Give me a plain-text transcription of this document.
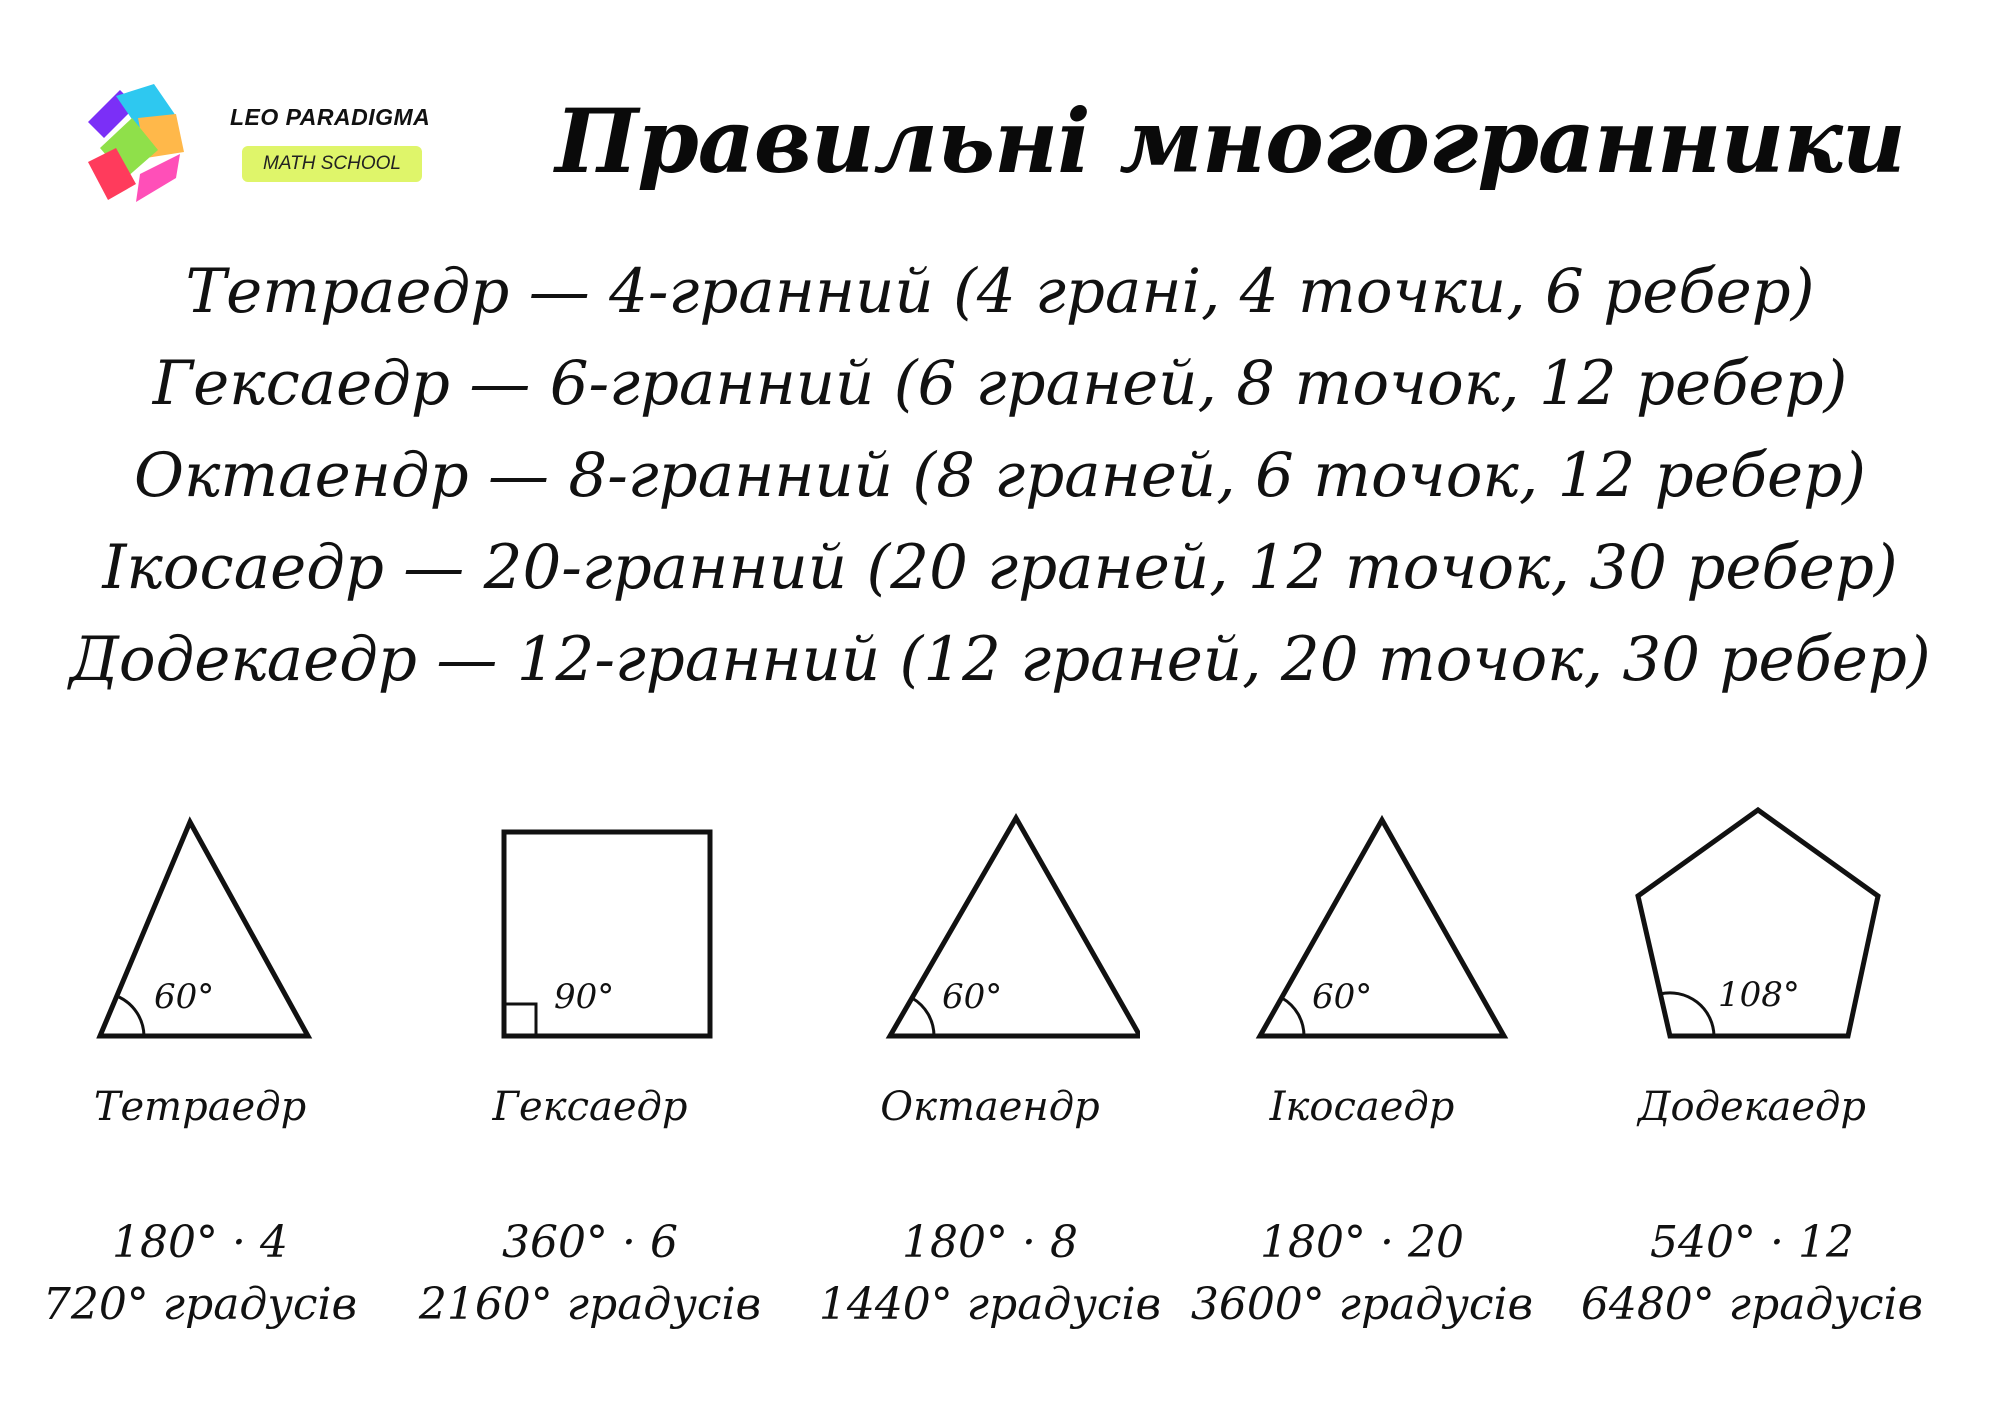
LEO PARADIGMA
MATH SCHOOL Правильні многогранники
Тетраедр — 4-гранний (4 грані, 4 точки, 6 ребер)
Гексаедр — 6-гранний (6 граней, 8 точок, 12 ребер)
Октаендр — 8-гранний (8 граней, 6 точок, 12 ребер)
Ікосаедр — 20-гранний (20 граней, 12 точок, 30 ребер)
Додекаедр — 12-гранний (12 граней, 20 точок, 30 ребер)
60°
Тетраедр
180° · 4
720° градусів
90°
Гексаедр
360° · 6
2160° градусів
60°
Октаендр
180° · 8
1440° градусів
60°
Ікосаедр
180° · 20
3600° градусів
108°
Додекаедр
540° · 12
6480° градусів
